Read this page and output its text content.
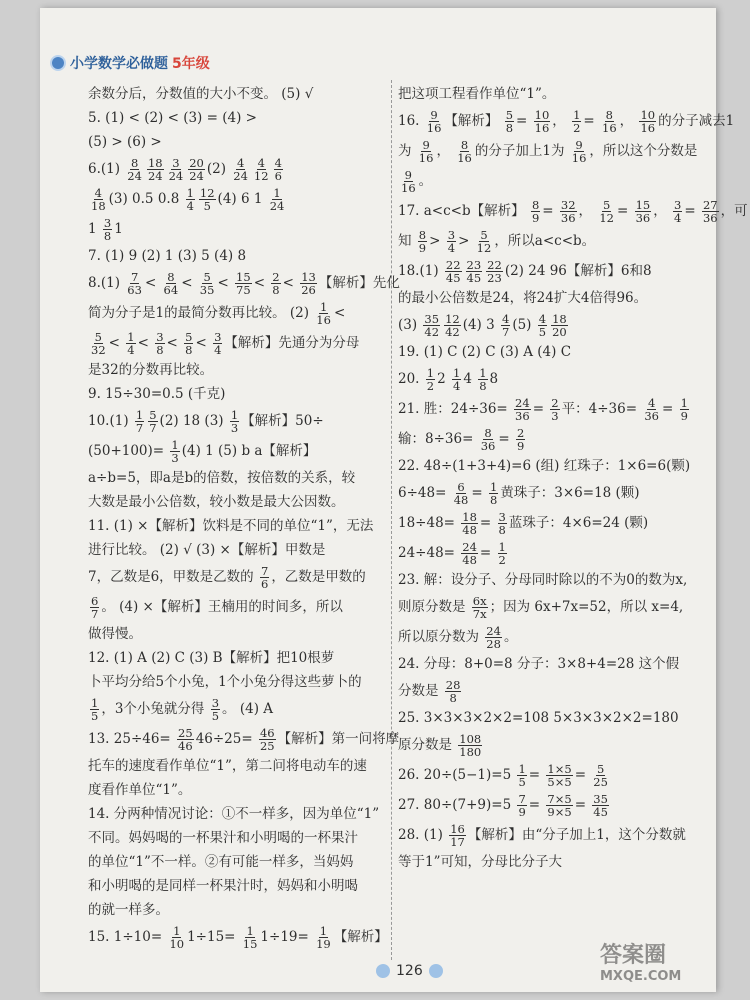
小学数学必做题 5年级
余数分后，分数值的大小不变。 (5) √
5. (1) < (2) < (3) = (4) >
(5) > (6) >
$6.(1) \frac{8}{24} \frac{18}{24} \frac{3}{24} \frac{20}{24} (2) \frac{4}{24} \frac{4}{12} \frac{4}{6}$
$\frac{4}{18} (3)$ 0.5 $0.8 \frac{1}{4} \frac{12}{5} (4)$ 6 $1 \frac{1}{24}$
$1 \frac{3}{8} 1$
7. (1) 9 (2) 1 (3) 5 (4) 8
$8.(1) \frac{7}{63} < \frac{8}{64} < \frac{5}{35} < \frac{15}{75} < \frac{2}{8} < \frac{13}{26}$ 【解析】先化
简为分子是1的最简分数再比较。 $(2) \frac{1}{16}$ <
$\frac{5}{32} < \frac{1}{4} < \frac{3}{8} < \frac{5}{8} < \frac{3}{4}$ 【解析】先通分为分母
是32的分数再比较。
9. 15÷30=0.5 (千克)
$10.(1) \frac{1}{7} \frac{5}{7} (2)$ 18 $(3) \frac{1}{3}$ 【解析】50÷
$(50+100)= \frac{1}{3} (4)$ 1 (5) b a【解析】
a÷b=5，即a是b的倍数，按倍数的关系，较
大数是最小公倍数，较小数是最大公因数。
11. (1) ×【解析】饮料是不同的单位“1”，无法
进行比较。 (2) √ (3) ×【解析】甲数是
7，乙数是6，甲数是乙数的 $\frac{7}{6}$ ，乙数是甲数的
$\frac{6}{7}$ 。 (4) ×【解析】王楠用的时间多，所以
做得慢。
12. (1) A (2) C (3) B【解析】把10根萝
卜平均分给5个小兔，1个小兔分得这些萝卜的
$\frac{1}{5}$ ，3个小兔就分得 $\frac{3}{5}$ 。 (4) A
13. $25\div 46= \frac{25}{46} 46\div 25= \frac{46}{25}$ 【解析】第一问将摩
托车的速度看作单位“1”，第二问将电动车的速
度看作单位“1”。
14. 分两种情况讨论：①不一样多，因为单位“1”
不同。妈妈喝的一杯果汁和小明喝的一杯果汁
的单位“1”不一样。②有可能一样多，当妈妈
和小明喝的是同样一杯果汁时，妈妈和小明喝
的就一样多。
15. $1\div 10= \frac{1}{10} 1\div 15= \frac{1}{15} 1\div 19= \frac{1}{19}$ 【解析】
把这项工程看作单位“1”。
16. $\frac{9}{16}$ 【解析】 $\frac{5}{8} = \frac{10}{16}$ ， $\frac{1}{2} = \frac{8}{16}$ ， $\frac{10}{16}$ 的分子减去1
为 $\frac{9}{16}$ ， $\frac{8}{16}$ 的分子加上1为 $\frac{9}{16}$ ，所以这个分数是
$\frac{9}{16}$ 。
17. a<c<b【解析】 $\frac{8}{9} = \frac{32}{36}$ ， $\frac{5}{12} = \frac{15}{36}$ ， $\frac{3}{4} = \frac{27}{36}$ ，可
知 $\frac{8}{9} > \frac{3}{4} > \frac{5}{12}$ ，所以a<c<b。
$18.(1) \frac{22}{45} \frac{23}{45} \frac{22}{23} (2)$ 24 96【解析】6和8
的最小公倍数是24，将24扩大4倍得96。
$(3) \frac{35}{42} \frac{12}{42} (4)$ $3 \frac{4}{7} (5) \frac{4}{5} \frac{18}{20}$
19. (1) C (2) C (3) A (4) C
20. $\frac{1}{2} 2 \frac{1}{4} 4 \frac{1}{8} 8$
21. 胜：$24\div 36= \frac{24}{36} = \frac{2}{3}$ 平：$4\div 36= \frac{4}{36} = \frac{1}{9}$
输：$8\div 36= \frac{8}{36} = \frac{2}{9}$
22. 48÷(1+3+4)=6 (组) 红珠子：1×6=6(颗)
$6\div 48= \frac{6}{48} = \frac{1}{8}$ 黄珠子：3×6=18 (颗)
$18\div 48= \frac{18}{48} = \frac{3}{8}$ 蓝珠子：4×6=24 (颗)
$24\div 48= \frac{24}{48} = \frac{1}{2}$
23. 解：设分子、分母同时除以的不为0的数为x,
则原分数是 $\frac{6x}{7x}$ ；因为 6x+7x=52，所以 x=4,
所以原分数为 $\frac{24}{28}$ 。
24. 分母：8+0=8 分子：3×8+4=28 这个假
分数是 $\frac{28}{8}$
25. 3×3×3×2×2=108 5×3×3×2×2=180
原分数是 $\frac{108}{180}$
26. $20\div(5-1)=5 \frac{1}{5} = \frac{1\times 5}{5\times 5} = \frac{5}{25}$
27. $80\div(7+9)=5 \frac{7}{9} = \frac{7\times 5}{9\times 5} = \frac{35}{45}$
28. $(1) \frac{16}{17}$ 【解析】由“分子加上1，这个分数就
等于1”可知，分母比分子大
126
答案圈
MXQE.COM
